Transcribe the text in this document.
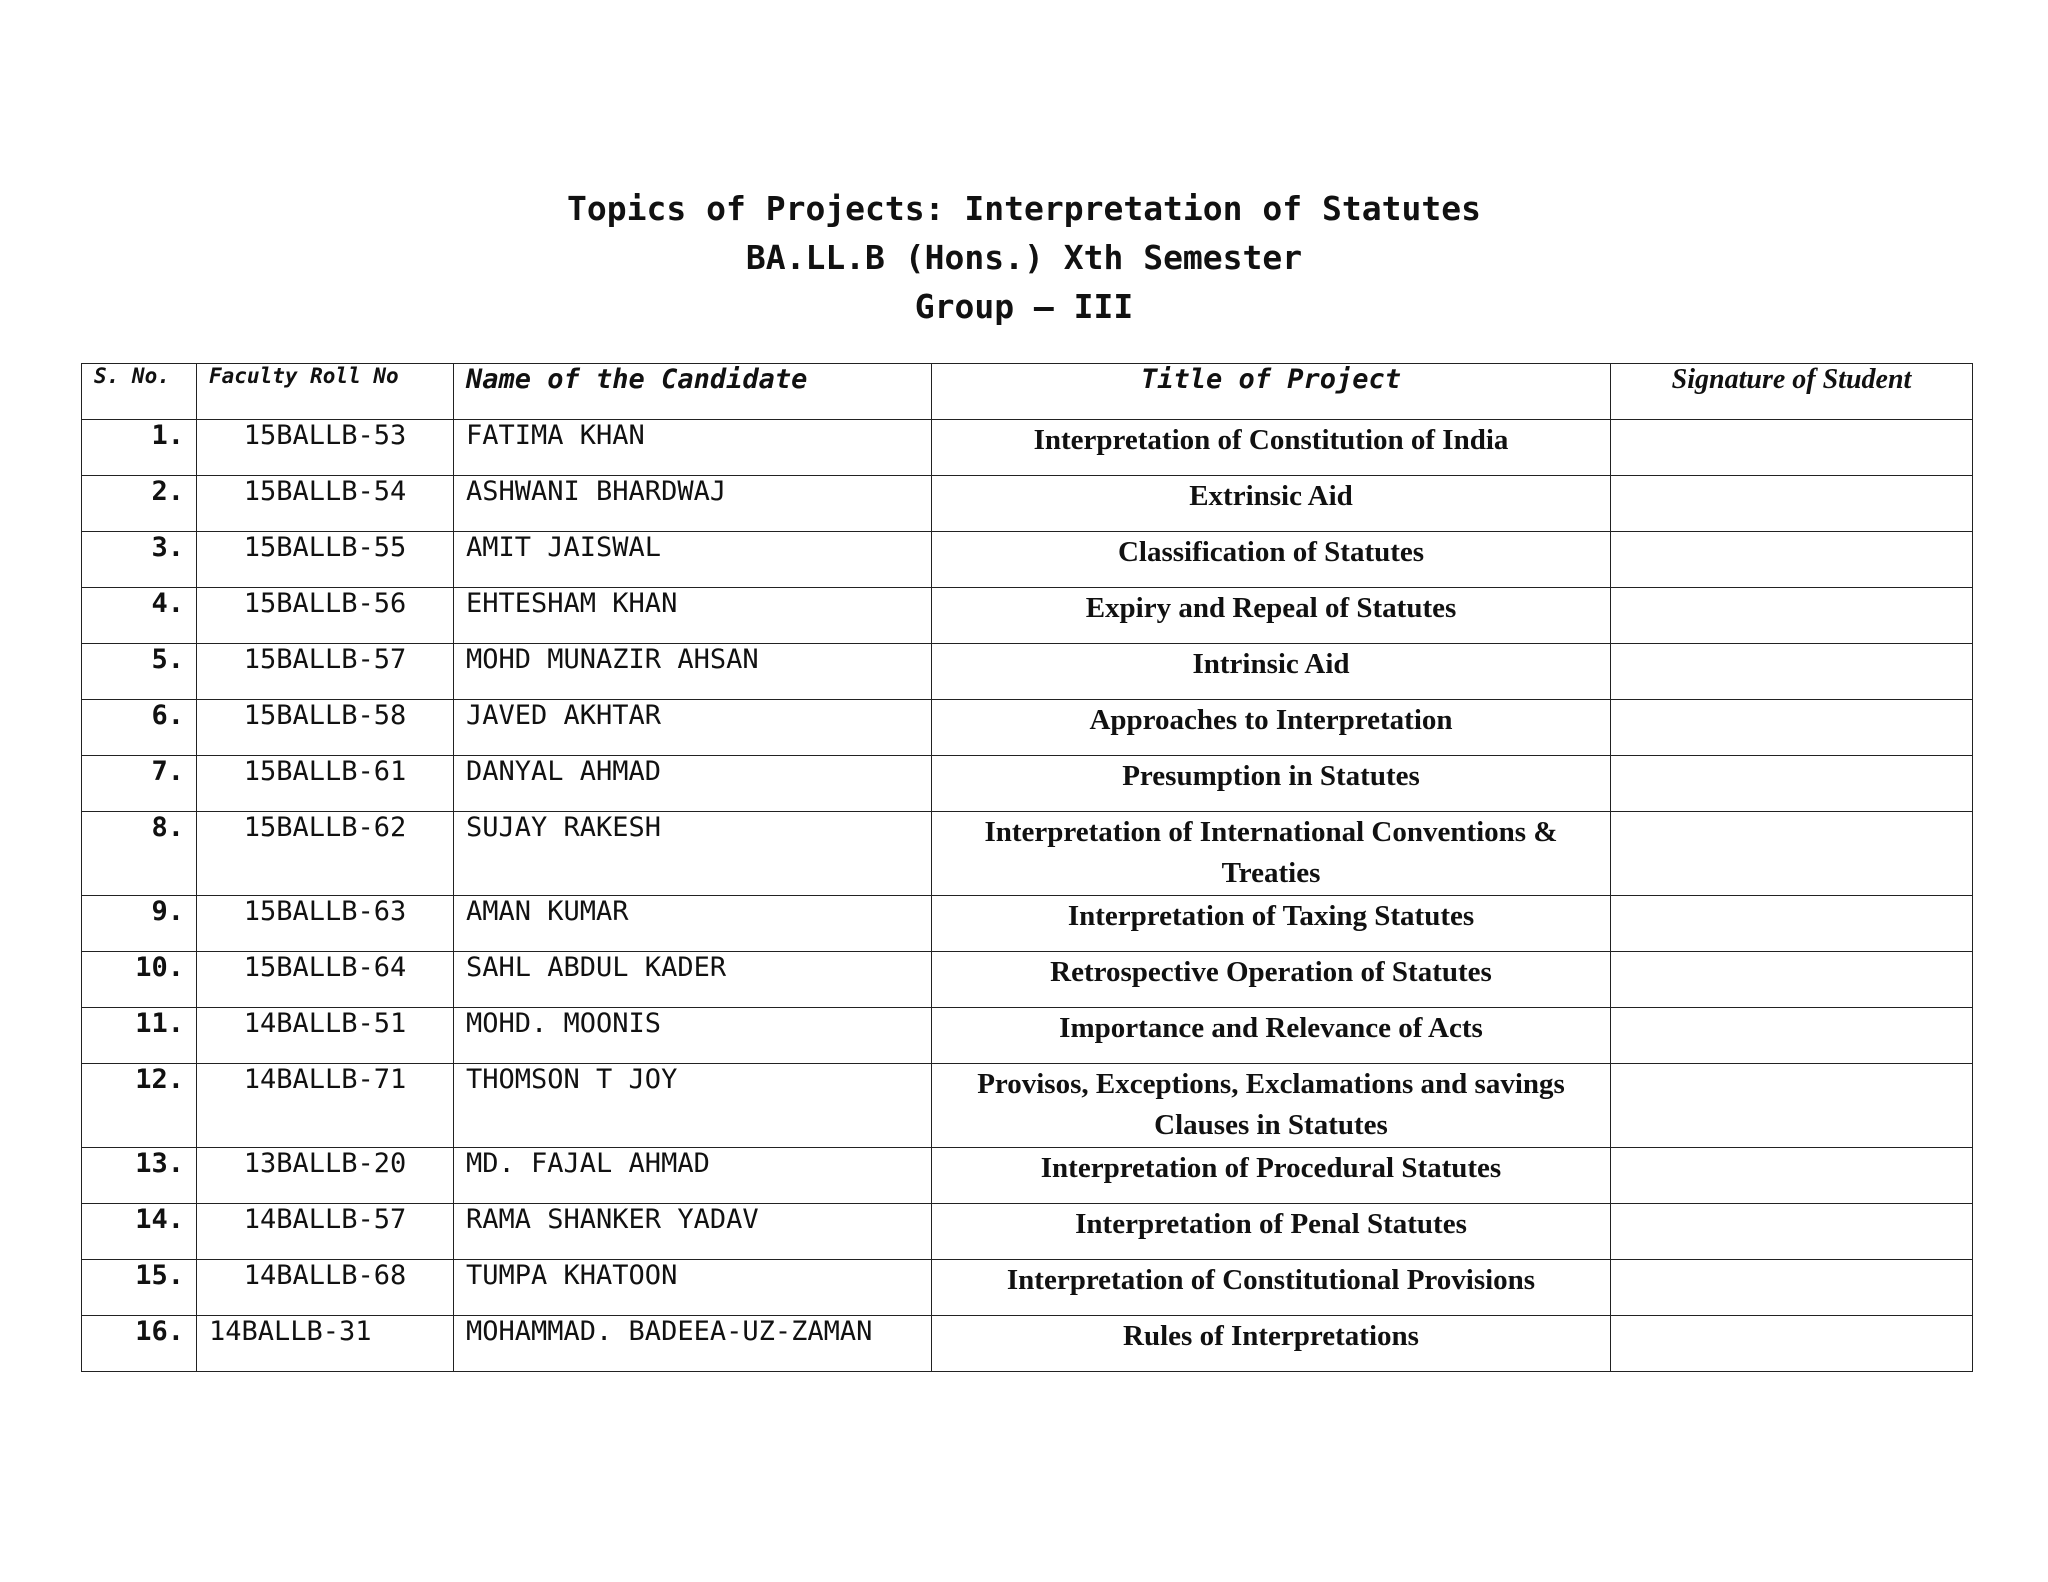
Topics of Projects: Interpretation of Statutes
BA.LL.B (Hons.) Xth Semester
Group – III
S. No.	Faculty Roll No	Name of the Candidate	Title of Project	Signature of Student
1.	15BALLB-53	FATIMA KHAN	Interpretation of Constitution of India	
2.	15BALLB-54	ASHWANI BHARDWAJ	Extrinsic Aid	
3.	15BALLB-55	AMIT JAISWAL	Classification of Statutes	
4.	15BALLB-56	EHTESHAM KHAN	Expiry and Repeal of Statutes	
5.	15BALLB-57	MOHD MUNAZIR AHSAN	Intrinsic Aid	
6.	15BALLB-58	JAVED AKHTAR	Approaches to Interpretation	
7.	15BALLB-61	DANYAL AHMAD	Presumption in Statutes	
8.	15BALLB-62	SUJAY RAKESH	Interpretation of International Conventions & Treaties	
9.	15BALLB-63	AMAN KUMAR	Interpretation of Taxing Statutes	
10.	15BALLB-64	SAHL ABDUL KADER	Retrospective Operation of Statutes	
11.	14BALLB-51	MOHD. MOONIS	Importance and Relevance of Acts	
12.	14BALLB-71	THOMSON T JOY	Provisos, Exceptions, Exclamations and savings Clauses in Statutes	
13.	13BALLB-20	MD. FAJAL AHMAD	Interpretation of Procedural Statutes	
14.	14BALLB-57	RAMA SHANKER YADAV	Interpretation of Penal Statutes	
15.	14BALLB-68	TUMPA KHATOON	Interpretation of Constitutional Provisions	
16.	14BALLB-31	MOHAMMAD. BADEEA-UZ-ZAMAN	Rules of Interpretations	
